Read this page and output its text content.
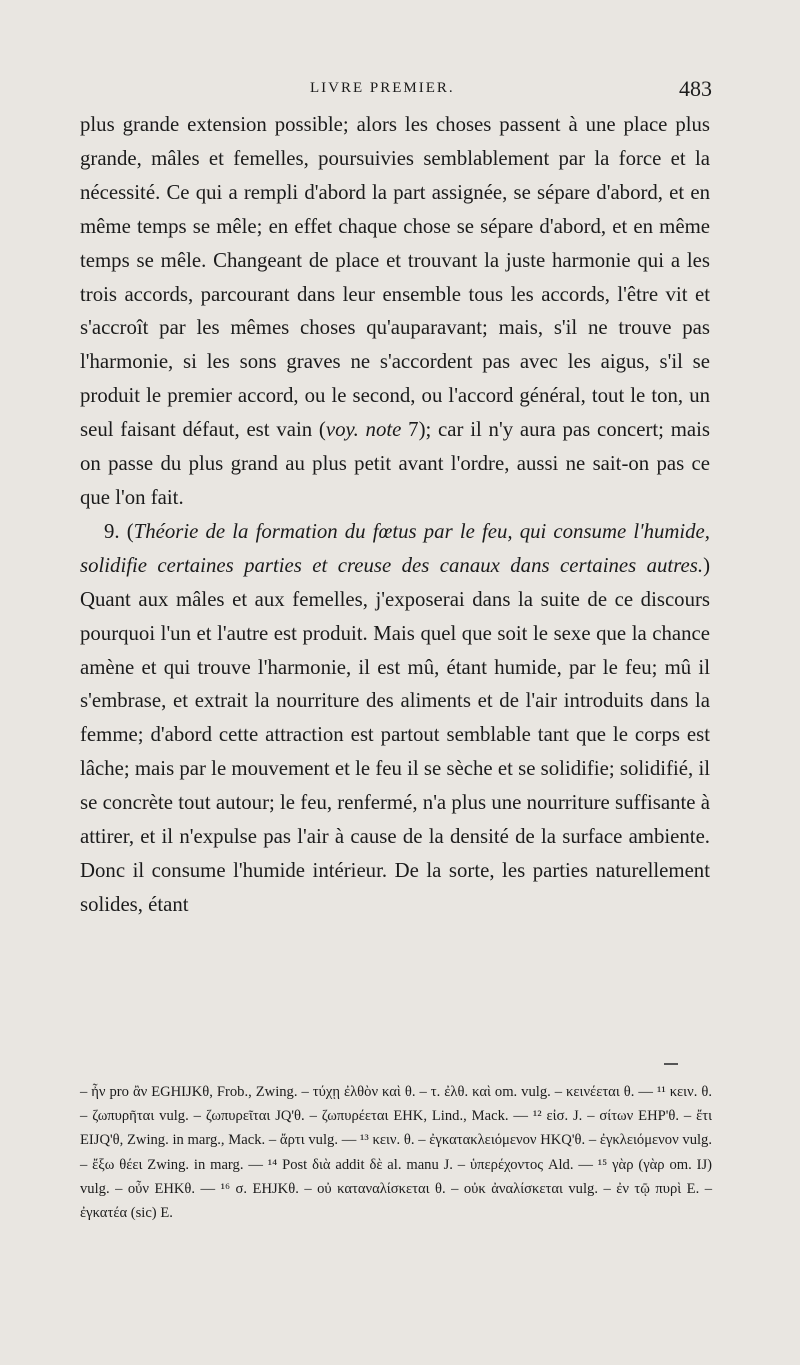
LIVRE PREMIER.	483

plus grande extension possible; alors les choses passent à une place plus grande, mâles et femelles, poursuivies semblablement par la force et la nécessité. Ce qui a rempli d'abord la part assignée, se sépare d'abord, et en même temps se mêle; en effet chaque chose se sépare d'abord, et en même temps se mêle. Changeant de place et trouvant la juste harmonie qui a les trois accords, parcourant dans leur ensemble tous les accords, l'être vit et s'accroît par les mêmes choses qu'auparavant; mais, s'il ne trouve pas l'harmonie, si les sons graves ne s'accordent pas avec les aigus, s'il se produit le premier accord, ou le second, ou l'accord général, tout le ton, un seul faisant défaut, est vain (voy. note 7); car il n'y aura pas concert; mais on passe du plus grand au plus petit avant l'ordre, aussi ne sait-on pas ce que l'on fait.

9. (Théorie de la formation du fœtus par le feu, qui consume l'humide, solidifie certaines parties et creuse des canaux dans certaines autres.) Quant aux mâles et aux femelles, j'exposerai dans la suite de ce discours pourquoi l'un et l'autre est produit. Mais quel que soit le sexe que la chance amène et qui trouve l'harmonie, il est mû, étant humide, par le feu; mû il s'embrase, et extrait la nourriture des aliments et de l'air introduits dans la femme; d'abord cette attraction est partout semblable tant que le corps est lâche; mais par le mouvement et le feu il se sèche et se solidifie; solidifié, il se concrète tout autour; le feu, renfermé, n'a plus une nourriture suffisante à attirer, et il n'expulse pas l'air à cause de la densité de la surface ambiente. Donc il consume l'humide intérieur. De la sorte, les parties naturellement solides, étant

– ἦν pro ἂν EGHIJKθ, Frob., Zwing. – τύχῃ ἐλθὸν καὶ θ. – τ. ἐλθ. καὶ om. vulg. – κεινέεται θ. — ¹¹ κειν. θ. – ζωπυρῆται vulg. – ζωπυρεῖται JQ'θ. – ζωπυρέεται EHK, Lind., Mack. — ¹² εἰσ. J. – σίτων EHP'θ. – ἔτι EIJQ'θ, Zwing. in marg., Mack. – ἄρτι vulg. — ¹³ κειν. θ. – ἐγκατακλειόμενον HKQ'θ. – ἐγκλειόμενον vulg. – ἔξω θέει Zwing. in marg. — ¹⁴ Post διὰ addit δὲ al. manu J. – ὑπερέχοντος Ald. — ¹⁵ γὰρ (γὰρ om. IJ) vulg. – οὖν EHKθ. — ¹⁶ σ. EHJKθ. – οὐ καταναλίσκεται θ. – οὐκ ἀναλίσκεται vulg. – ἐν τῷ πυρὶ E. – ἐγκατέα (sic) E.
